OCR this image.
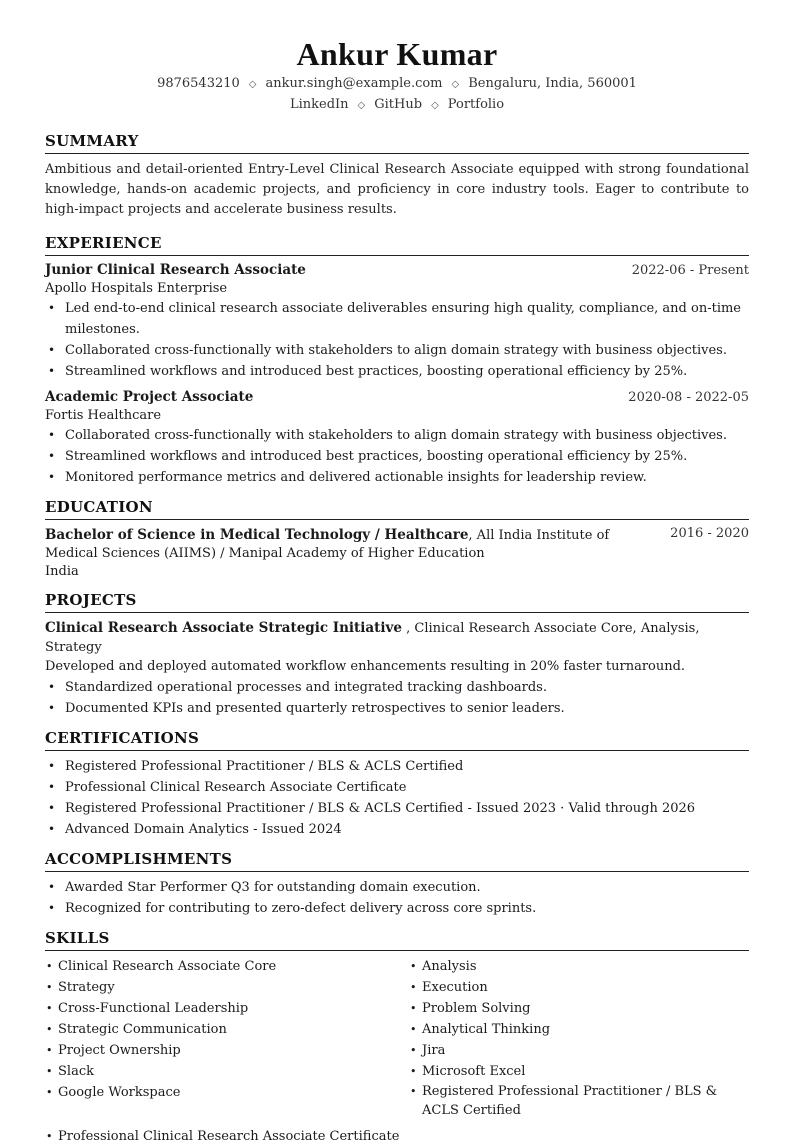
Ankur Kumar
9876543210 ◇ ankur.singh@example.com ◇ Bengaluru, India, 560001
LinkedIn ◇ GitHub ◇ Portfolio
SUMMARY
Ambitious and detail-oriented Entry-Level Clinical Research Associate equipped with strong foundational knowledge, hands-on academic projects, and proficiency in core industry tools. Eager to contribute to high-impact projects and accelerate business results.
EXPERIENCE
Junior Clinical Research Associate	2022-06 - Present
Apollo Hospitals Enterprise
• Led end-to-end clinical research associate deliverables ensuring high quality, compliance, and on-time milestones.
• Collaborated cross-functionally with stakeholders to align domain strategy with business objectives.
• Streamlined workflows and introduced best practices, boosting operational efficiency by 25%.
Academic Project Associate	2020-08 - 2022-05
Fortis Healthcare
• Collaborated cross-functionally with stakeholders to align domain strategy with business objectives.
• Streamlined workflows and introduced best practices, boosting operational efficiency by 25%.
• Monitored performance metrics and delivered actionable insights for leadership review.
EDUCATION
Bachelor of Science in Medical Technology / Healthcare, All India Institute of Medical Sciences (AIIMS) / Manipal Academy of Higher Education
India
2016 - 2020
PROJECTS
Clinical Research Associate Strategic Initiative , Clinical Research Associate Core, Analysis, Strategy
Developed and deployed automated workflow enhancements resulting in 20% faster turnaround.
• Standardized operational processes and integrated tracking dashboards.
• Documented KPIs and presented quarterly retrospectives to senior leaders.
CERTIFICATIONS
• Registered Professional Practitioner / BLS & ACLS Certified
• Professional Clinical Research Associate Certificate
• Registered Professional Practitioner / BLS & ACLS Certified - Issued 2023 · Valid through 2026
• Advanced Domain Analytics - Issued 2024
ACCOMPLISHMENTS
• Awarded Star Performer Q3 for outstanding domain execution.
• Recognized for contributing to zero-defect delivery across core sprints.
SKILLS
• Clinical Research Associate Core	• Analysis
• Strategy	• Execution
• Cross-Functional Leadership	• Problem Solving
• Strategic Communication	• Analytical Thinking
• Project Ownership	• Jira
• Slack	• Microsoft Excel
• Google Workspace	• Registered Professional Practitioner / BLS & ACLS Certified
• Professional Clinical Research Associate Certificate
